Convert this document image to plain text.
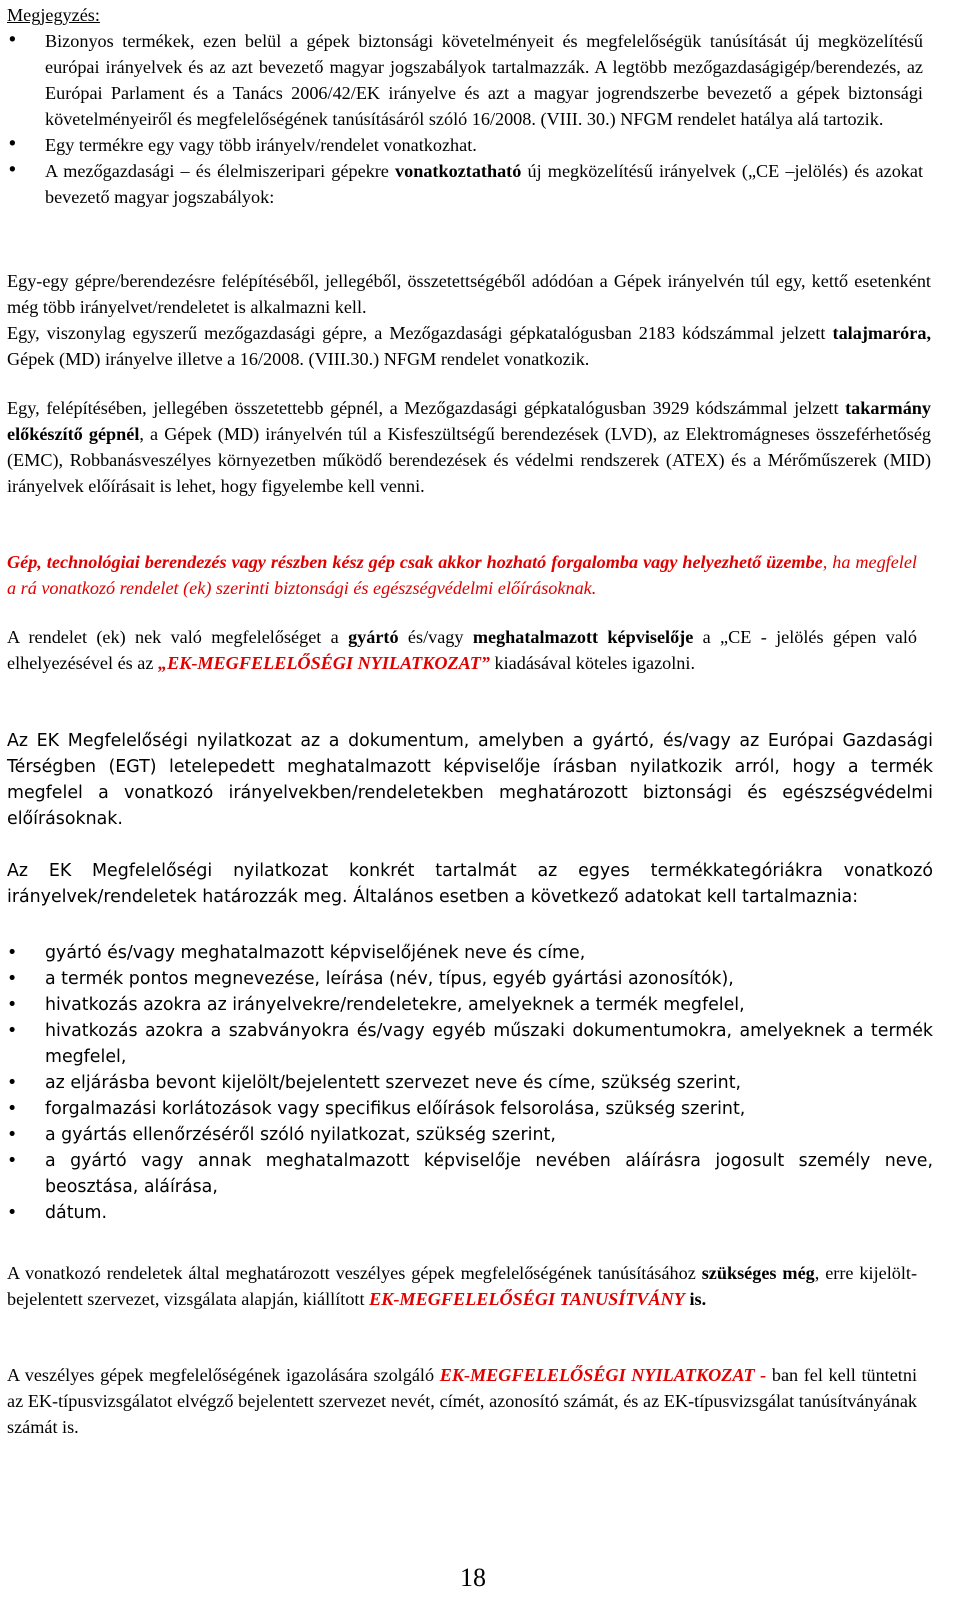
Megjegyzés:

• Bizonyos termékek, ezen belül a gépek biztonsági követelményeit és megfelelőségük tanúsítását új megközelítésű európai irányelvek és az azt bevezető magyar jogszabályok tartalmazzák. A legtöbb mezőgazdaságigép/berendezés, az Európai Parlament és a Tanács 2006/42/EK irányelve és azt a magyar jogrendszerbe bevezető a gépek biztonsági követelményeiről és megfelelőségének tanúsításáról szóló 16/2008. (VIII. 30.) NFGM rendelet hatálya alá tartozik.
• Egy termékre egy vagy több irányelv/rendelet vonatkozhat.
• A mezőgazdasági – és élelmiszeripari gépekre vonatkoztatható új megközelítésű irányelvek („CE –jelölés) és azokat bevezető magyar jogszabályok:

Egy-egy gépre/berendezésre felépítéséből, jellegéből, összetettségéből adódóan a Gépek irányelvén túl egy, kettő esetenként még több irányelvet/rendeletet is alkalmazni kell.

Egy, viszonylag egyszerű mezőgazdasági gépre, a Mezőgazdasági gépkatalógusban 2183 kódszámmal jelzett talajmaróra, Gépek (MD) irányelve illetve a 16/2008. (VIII.30.) NFGM rendelet vonatkozik.

Egy, felépítésében, jellegében összetettebb gépnél, a Mezőgazdasági gépkatalógusban 3929 kódszámmal jelzett takarmány előkészítő gépnél, a Gépek (MD) irányelvén túl a Kisfeszültségű berendezések (LVD), az Elektromágneses összeférhetőség (EMC), Robbanásveszélyes környezetben működő berendezések és védelmi rendszerek (ATEX) és a Mérőműszerek (MID) irányelvek előírásait is lehet, hogy figyelembe kell venni.

Gép, technológiai berendezés vagy részben kész gép csak akkor hozható forgalomba vagy helyezhető üzembe, ha megfelel a rá vonatkozó rendelet (ek) szerinti biztonsági és egészségvédelmi előírásoknak.

A rendelet (ek) nek való megfelelőséget a gyártó és/vagy meghatalmazott képviselője a „CE - jelölés gépen való elhelyezésével és az „EK-MEGFELELŐSÉGI NYILATKOZAT” kiadásával köteles igazolni.

Az EK Megfelelőségi nyilatkozat az a dokumentum, amelyben a gyártó, és/vagy az Európai Gazdasági Térségben (EGT) letelepedett meghatalmazott képviselője írásban nyilatkozik arról, hogy a termék megfelel a vonatkozó irányelvekben/rendeletekben meghatározott biztonsági és egészségvédelmi előírásoknak.

Az EK Megfelelőségi nyilatkozat konkrét tartalmát az egyes termékkategóriákra vonatkozó irányelvek/rendeletek határozzák meg. Általános esetben a következő adatokat kell tartalmaznia:

• gyártó és/vagy meghatalmazott képviselőjének neve és címe,
• a termék pontos megnevezése, leírása (név, típus, egyéb gyártási azonosítók),
• hivatkozás azokra az irányelvekre/rendeletekre, amelyeknek a termék megfelel,
• hivatkozás azokra a szabványokra és/vagy egyéb műszaki dokumentumokra, amelyeknek a termék megfelel,
• az eljárásba bevont kijelölt/bejelentett szervezet neve és címe, szükség szerint,
• forgalmazási korlátozások vagy specifikus előírások felsorolása, szükség szerint,
• a gyártás ellenőrzéséről szóló nyilatkozat, szükség szerint,
• a gyártó vagy annak meghatalmazott képviselője nevében aláírásra jogosult személy neve, beosztása, aláírása,
• dátum.

A vonatkozó rendeletek által meghatározott veszélyes gépek megfelelőségének tanúsításához szükséges még, erre kijelölt-bejelentett szervezet, vizsgálata alapján, kiállított EK-MEGFELELŐSÉGI TANUSÍTVÁNY is.

A veszélyes gépek megfelelőségének igazolására szolgáló EK-MEGFELELŐSÉGI NYILATKOZAT - ban fel kell tüntetni az EK-típusvizsgálatot elvégző bejelentett szervezet nevét, címét, azonosító számát, és az EK-típusvizsgálat tanúsítványának számát is.

18
